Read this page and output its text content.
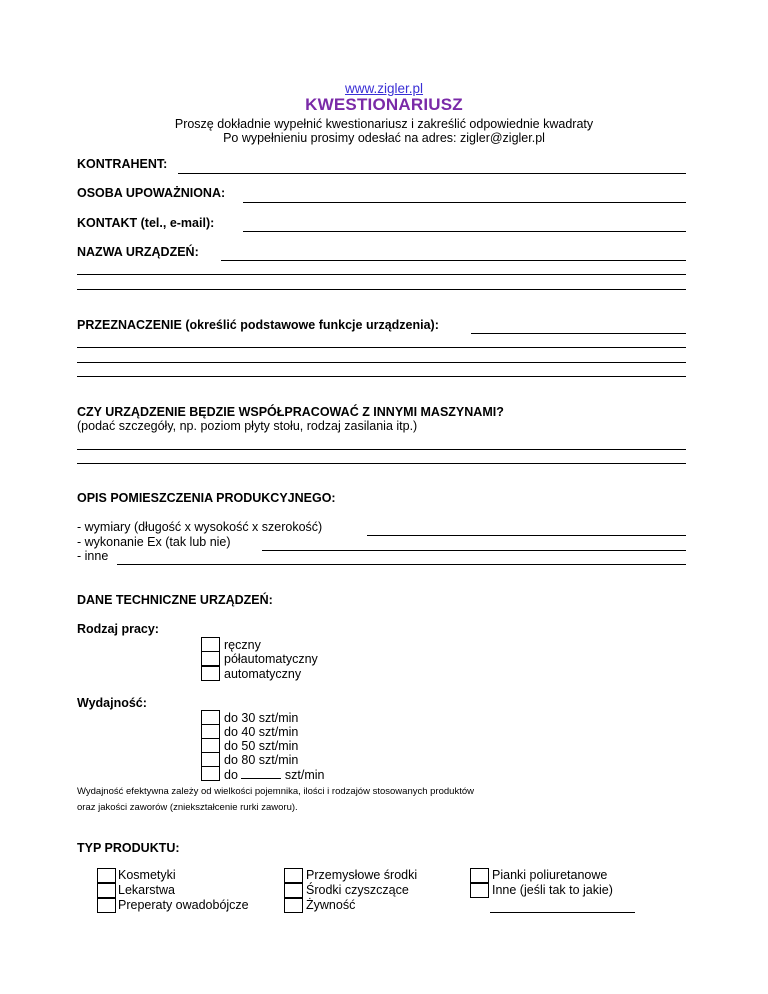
www.zigler.pl
KWESTIONARIUSZ
Proszę dokładnie wypełnić kwestionariusz i zakreślić odpowiednie kwadraty
Po wypełnieniu prosimy odesłać na adres: zigler@zigler.pl
KONTRAHENT:
OSOBA UPOWAŻNIONA:
KONTAKT (tel., e-mail):
NAZWA URZĄDZEŃ:
PRZEZNACZENIE (określić podstawowe funkcje urządzenia):
CZY URZĄDZENIE BĘDZIE WSPÓŁPRACOWAĆ Z INNYMI MASZYNAMI?
(podać szczegóły, np. poziom płyty stołu, rodzaj zasilania itp.)
OPIS POMIESZCZENIA PRODUKCYJNEGO:
- wymiary (długość x wysokość x szerokość)
- wykonanie Ex (tak lub nie)
- inne
DANE TECHNICZNE URZĄDZEŃ:
Rodzaj pracy:
ręczny
półautomatyczny
automatyczny
Wydajność:
do 30 szt/min
do 40 szt/min
do 50 szt/min
do 80 szt/min
do	szt/min
Wydajność efektywna zależy od wielkości pojemnika, ilości i rodzajów stosowanych produktów
oraz jakości zaworów (zniekształcenie rurki zaworu).
TYP PRODUKTU:
Kosmetyki
Lekarstwa
Preperaty owadobójcze
Przemysłowe środki
Środki czyszczące
Żywność
Pianki poliuretanowe
Inne (jeśli tak to jakie)
